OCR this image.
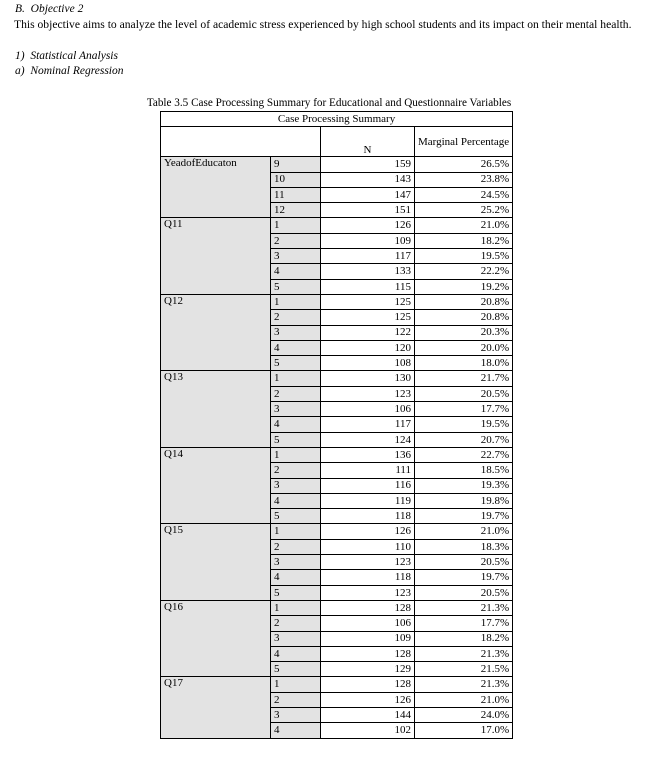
B.  Objective 2
This objective aims to analyze the level of academic stress experienced by high school students and its impact on their mental health.
1)  Statistical Analysis
a)  Nominal Regression
Table 3.5 Case Processing Summary for Educational and Questionnaire Variables
Case Processing Summary			
		N	Marginal Percentage
YeadofEducaton	9	159	26.5%
	10	143	23.8%
	11	147	24.5%
	12	151	25.2%
Q11	1	126	21.0%
	2	109	18.2%
	3	117	19.5%
	4	133	22.2%
	5	115	19.2%
Q12	1	125	20.8%
	2	125	20.8%
	3	122	20.3%
	4	120	20.0%
	5	108	18.0%
Q13	1	130	21.7%
	2	123	20.5%
	3	106	17.7%
	4	117	19.5%
	5	124	20.7%
Q14	1	136	22.7%
	2	111	18.5%
	3	116	19.3%
	4	119	19.8%
	5	118	19.7%
Q15	1	126	21.0%
	2	110	18.3%
	3	123	20.5%
	4	118	19.7%
	5	123	20.5%
Q16	1	128	21.3%
	2	106	17.7%
	3	109	18.2%
	4	128	21.3%
	5	129	21.5%
Q17	1	128	21.3%
	2	126	21.0%
	3	144	24.0%
	4	102	17.0%
